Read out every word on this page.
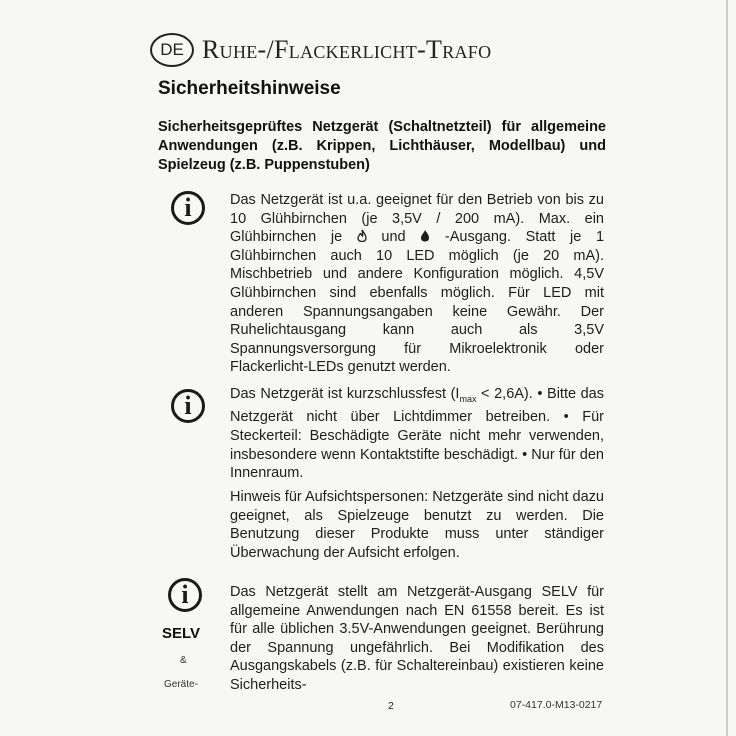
DE Ruhe-/Flackerlicht-Trafo
Sicherheitshinweise
Sicherheitsgeprüftes Netzgerät (Schaltnetzteil) für allgemeine Anwendungen (z.B. Krippen, Lichthäuser, Modellbau) und Spielzeug (z.B. Puppenstuben)
i	Das Netzgerät ist u.a. geeignet für den Betrieb von bis zu 10 Glühbirnchen (je 3,5V / 200 mA). Max. ein Glühbirnchen je  und  -Ausgang. Statt je 1 Glühbirnchen auch 10 LED möglich (je 20 mA). Mischbetrieb und andere Konfiguration möglich. 4,5V Glühbirnchen sind ebenfalls möglich. Für LED mit anderen Spannungsangaben keine Gewähr. Der Ruhelichtausgang kann auch als 3,5V Spannungsversorgung für Mikroelektronik oder Flackerlicht-LEDs genutzt werden.
i	Das Netzgerät ist kurzschlussfest $(I_{max} < 2,6A)$. • Bitte das Netzgerät nicht über Lichtdimmer betreiben. • Für Steckerteil: Beschädigte Geräte nicht mehr verwenden, insbesondere wenn Kontaktstifte beschädigt. • Nur für den Innenraum.
Hinweis für Aufsichtspersonen: Netzgeräte sind nicht dazu geeignet, als Spielzeuge benutzt zu werden. Die Benutzung dieser Produkte muss unter ständiger Überwachung der Aufsicht erfolgen.
i
SELV
&
Geräte-
Das Netzgerät stellt am Netzgerät-Ausgang SELV für allgemeine Anwendungen nach EN 61558 bereit. Es ist für alle üblichen 3.5V-Anwendungen geeignet. Berührung der Spannung ungefährlich. Bei Modifikation des Ausgangskabels (z.B. für Schaltereinbau) existieren keine Sicherheits-
2	07-417.0-M13-0217
